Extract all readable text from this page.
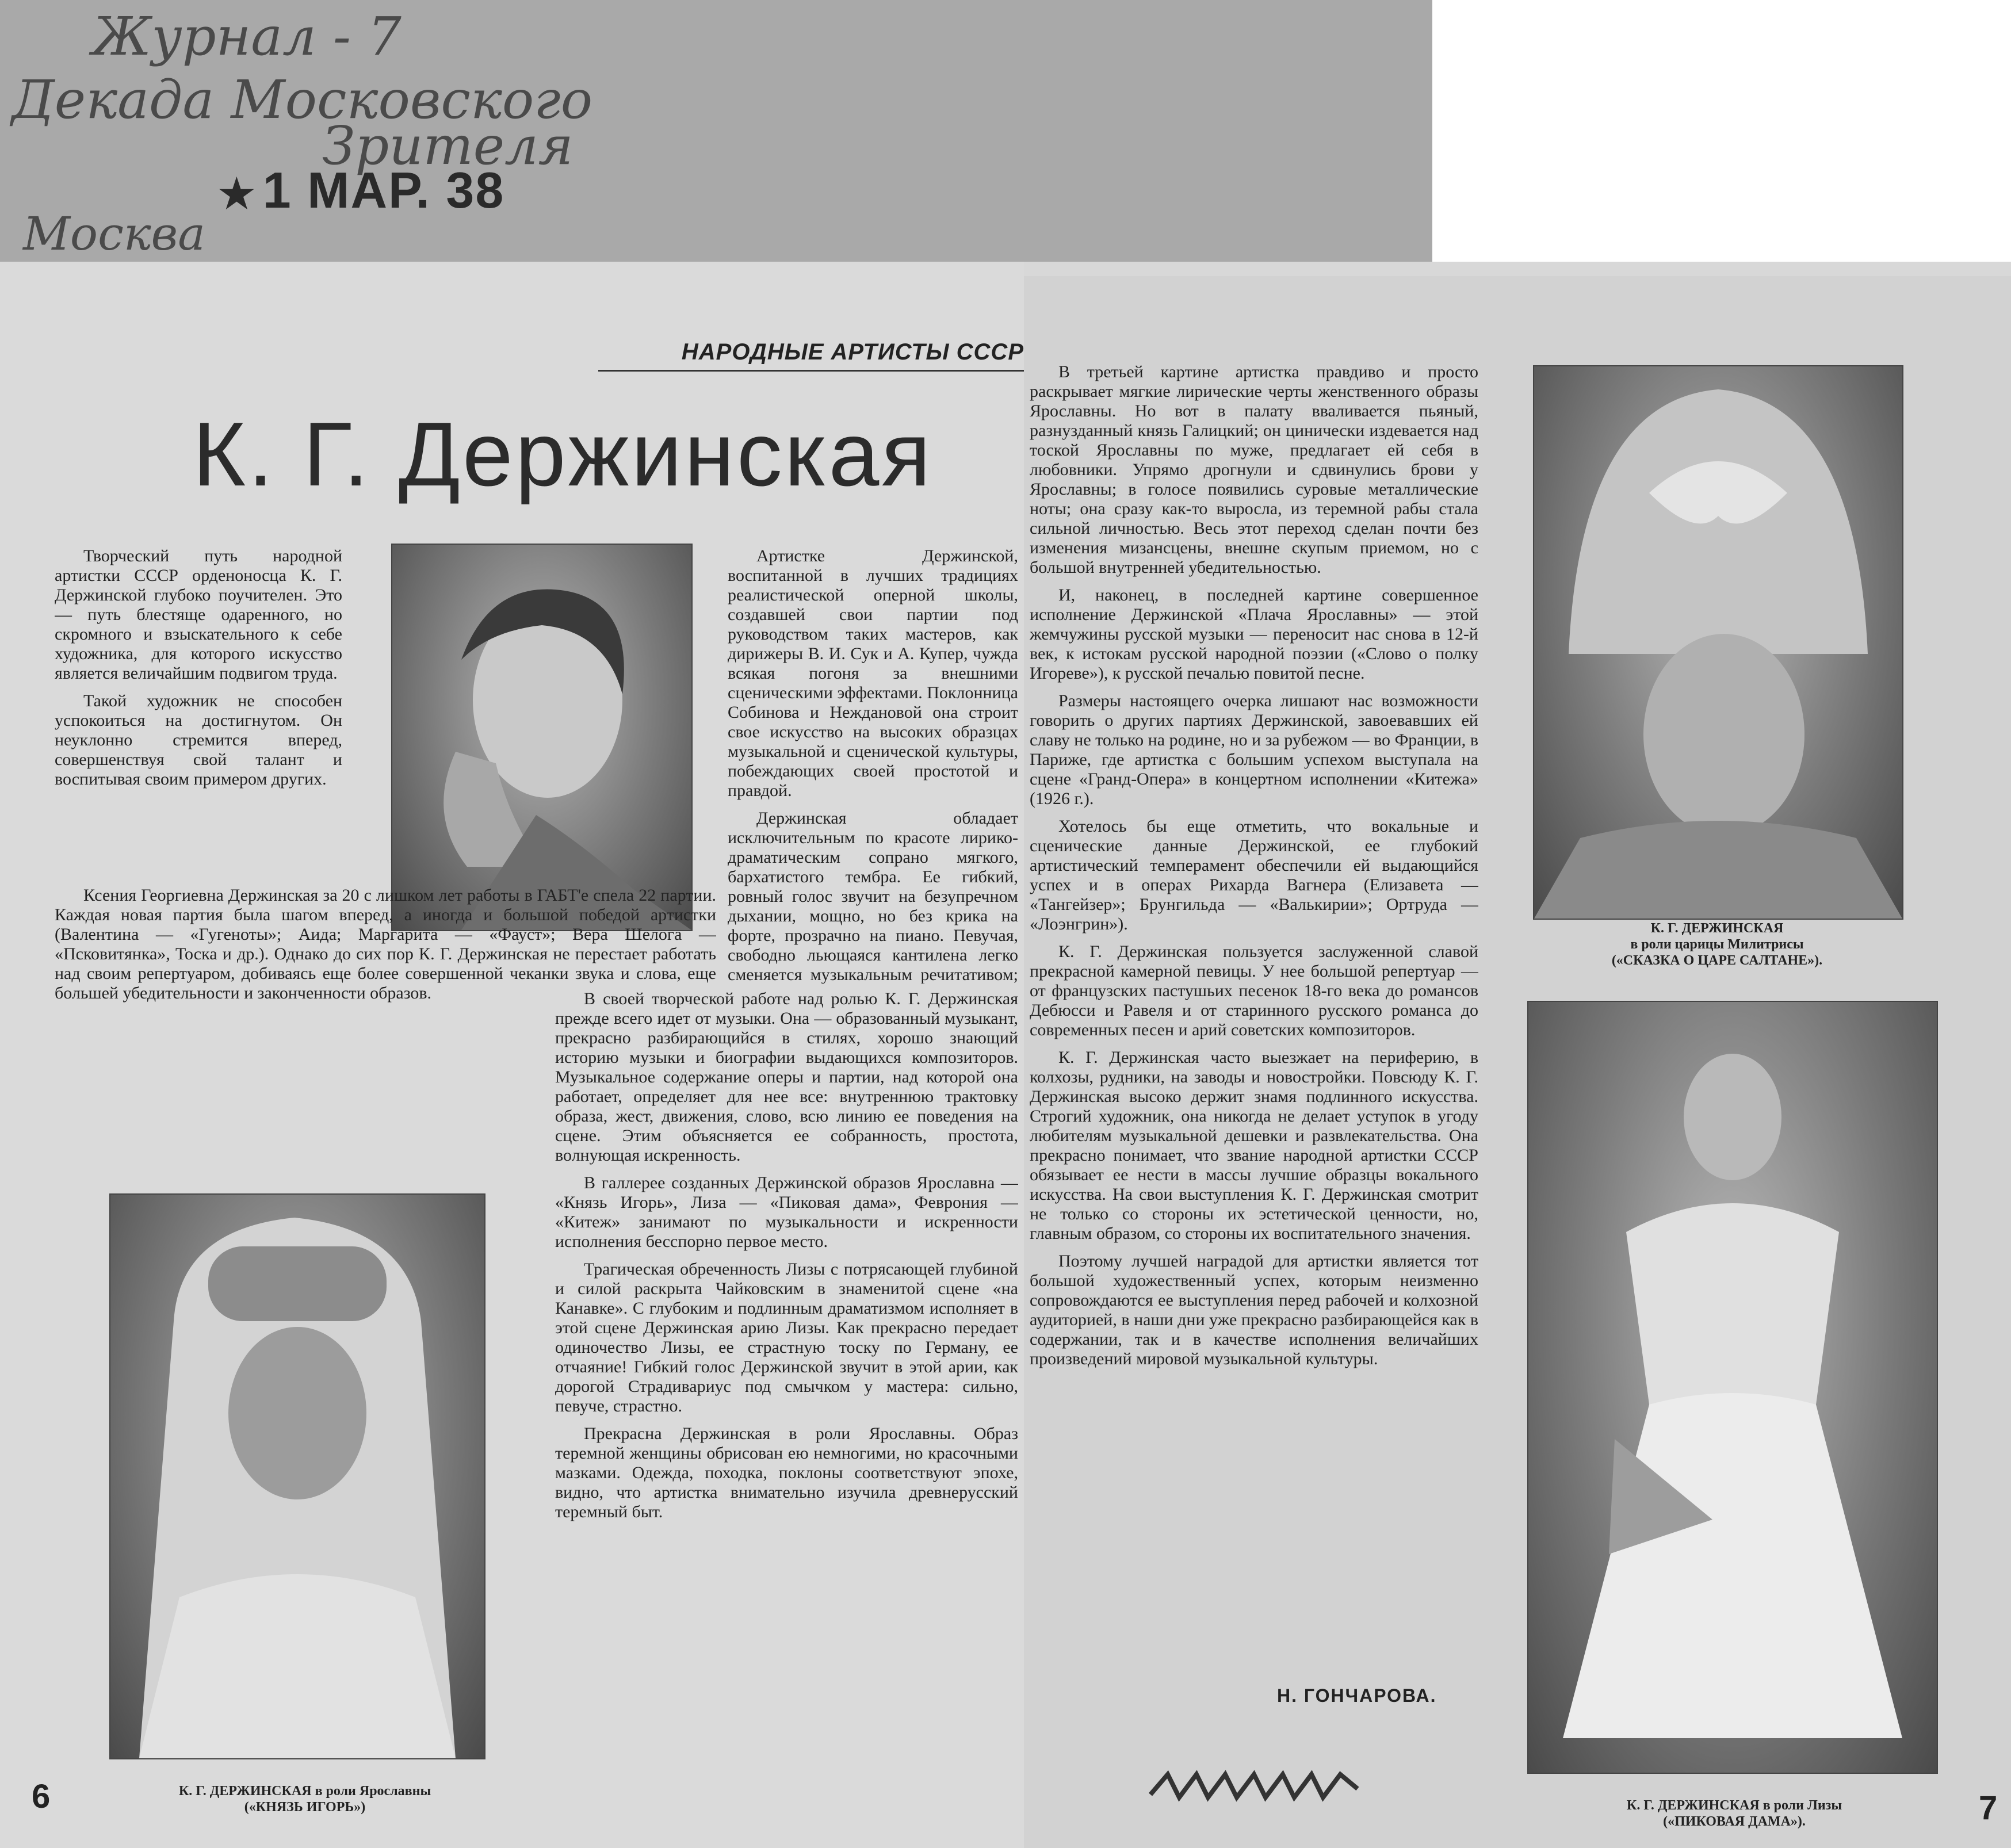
Журнал - 7
Декада Московского
Зрителя
Москва
★ 1 МАР. 38
НАРОДНЫЕ АРТИСТЫ СССР
К. Г. Держинская

Творческий путь народной артистки СССР орденоносца К. Г. Держинской глубоко поучителен. Это — путь блестяще одаренного, но скромного и взыскательного к себе художника, для которого искусство является величайшим подвигом труда.

Такой художник не способен успокоиться на достигнутом. Он неуклонно стремится вперед, совершенствуя свой талант и воспитывая своим примером других.

Ксения Георгиевна Держинская за 20 с лишком лет работы в ГАБТ'е спела 22 партии. Каждая новая партия была шагом вперед, а иногда и большой победой артистки (Валентина — «Гугеноты»; Аида; Маргарита — «Фауст»; Вера Шелога — «Псковитянка», Тоска и др.). Однако до сих пор К. Г. Держинская не перестает работать над своим репертуаром, добиваясь еще более совершенной чеканки звука и слова, еще большей убедительности и законченности образов.

К. Г. ДЕРЖИНСКАЯ в роли Ярославны
(«КНЯЗЬ ИГОРЬ»)
6

Артистке Держинской, воспитанной в лучших традициях реалистической оперной школы, создавшей свои партии под руководством таких мастеров, как дирижеры В. И. Сук и А. Купер, чужда всякая погоня за внешними сценическими эффектами. Поклонница Собинова и Неждановой она строит свое искусство на высоких образцах музыкальной и сценической культуры, побеждающих своей простотой и правдой.

Держинская обладает исключительным по красоте лирико-драматическим сопрано мягкого, бархатистого тембра. Ее гибкий, ровный голос звучит на безупречном дыхании, мощно, но без крика на форте, прозрачно на пиано. Певучая, свободно льющаяся кантилена легко сменяется музыкальным речитативом;

В своей творческой работе над ролью К. Г. Держинская прежде всего идет от музыки. Она — образованный музыкант, прекрасно разбирающийся в стилях, хорошо знающий историю музыки и биографии выдающихся композиторов. Музыкальное содержание оперы и партии, над которой она работает, определяет для нее все: внутреннюю трактовку образа, жест, движения, слово, всю линию ее поведения на сцене. Этим объясняется ее собранность, простота, волнующая искренность.

В галлерее созданных Держинской образов Ярославна — «Князь Игорь», Лиза — «Пиковая дама», Феврония — «Китеж» занимают по музыкальности и искренности исполнения бесспорно первое место.

Трагическая обреченность Лизы с потрясающей глубиной и силой раскрыта Чайковским в знаменитой сцене «на Канавке». С глубоким и подлинным драматизмом исполняет в этой сцене Держинская арию Лизы. Как прекрасно передает одиночество Лизы, ее страстную тоску по Герману, ее отчаяние! Гибкий голос Держинской звучит в этой арии, как дорогой Страдивариус под смычком у мастера: сильно, певуче, страстно.

Прекрасна Держинская в роли Ярославны. Образ теремной женщины обрисован ею немногими, но красочными мазками. Одежда, походка, поклоны соответствуют эпохе, видно, что артистка внимательно изучила древнерусский теремный быт.

В третьей картине артистка правдиво и просто раскрывает мягкие лирические черты женственного образы Ярославны. Но вот в палату вваливается пьяный, разнузданный князь Галицкий; он цинически издевается над тоской Ярославны по муже, предлагает ей себя в любовники. Упрямо дрогнули и сдвинулись брови у Ярославны; в голосе появились суровые металлические ноты; она сразу как-то выросла, из теремной рабы стала сильной личностью. Весь этот переход сделан почти без изменения мизансцены, внешне скупым приемом, но с большой внутренней убедительностью.

И, наконец, в последней картине совершенное исполнение Держинской «Плача Ярославны» — этой жемчужины русской музыки — переносит нас снова в 12-й век, к истокам русской народной поэзии («Слово о полку Игореве»), к русской печалью повитой песне.

Размеры настоящего очерка лишают нас возможности говорить о других партиях Держинской, завоевавших ей славу не только на родине, но и за рубежом — во Франции, в Париже, где артистка с большим успехом выступала на сцене «Гранд-Опера» в концертном исполнении «Китежа» (1926 г.).

Хотелось бы еще отметить, что вокальные и сценические данные Держинской, ее глубокий артистический темперамент обеспечили ей выдающийся успех и в операх Рихарда Вагнера (Елизавета — «Тангейзер»; Брунгильда — «Валькирии»; Ортруда — «Лоэнгрин»).

К. Г. Держинская пользуется заслуженной славой прекрасной камерной певицы. У нее большой репертуар — от французских пастушьих песенок 18-го века до романсов Дебюсси и Равеля и от старинного русского романса до современных песен и арий советских композиторов.

К. Г. Держинская часто выезжает на периферию, в колхозы, рудники, на заводы и новостройки. Повсюду К. Г. Держинская высоко держит знамя подлинного искусства. Строгий художник, она никогда не делает уступок в угоду любителям музыкальной дешевки и развлекательства. Она прекрасно понимает, что звание народной артистки СССР обязывает ее нести в массы лучшие образцы вокального искусства. На свои выступления К. Г. Держинская смотрит не только со стороны их эстетической ценности, но, главным образом, со стороны их воспитательного значения.

Поэтому лучшей наградой для артистки является тот большой художественный успех, которым неизменно сопровождаются ее выступления перед рабочей и колхозной аудиторией, в наши дни уже прекрасно разбирающейся как в содержании, так и в качестве исполнения величайших произведений мировой музыкальной культуры.

Н. ГОНЧАРОВА.
К. Г. ДЕРЖИНСКАЯ
в роли царицы Милитрисы
(«СКАЗКА О ЦАРЕ САЛТАНЕ»).
К. Г. ДЕРЖИНСКАЯ в роли Лизы
(«ПИКОВАЯ ДАМА»).	7
